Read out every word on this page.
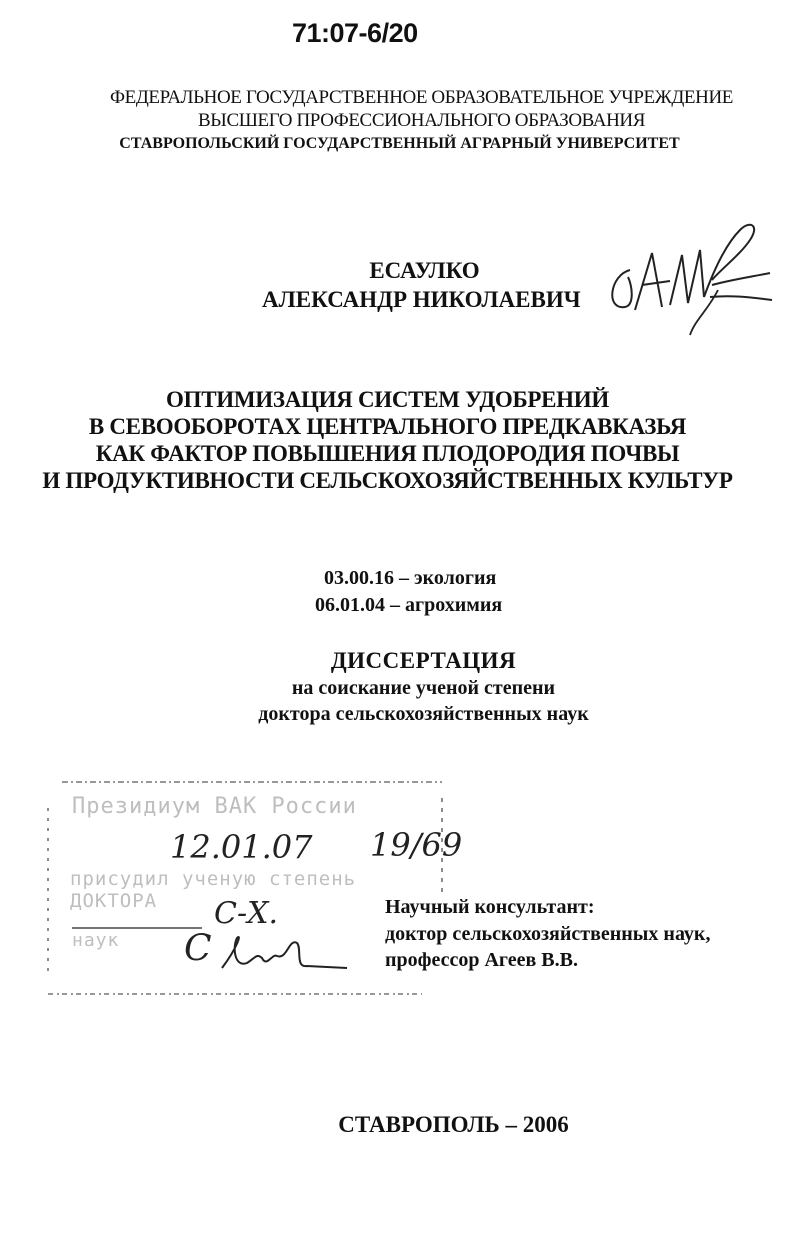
71:07-6/20
ФЕДЕРАЛЬНОЕ ГОСУДАРСТВЕННОЕ ОБРАЗОВАТЕЛЬНОЕ УЧРЕЖДЕНИЕ
ВЫСШЕГО ПРОФЕССИОНАЛЬНОГО ОБРАЗОВАНИЯ
СТАВРОПОЛЬСКИЙ ГОСУДАРСТВЕННЫЙ АГРАРНЫЙ УНИВЕРСИТЕТ
ЕСАУЛКО
АЛЕКСАНДР НИКОЛАЕВИЧ
ОПТИМИЗАЦИЯ СИСТЕМ УДОБРЕНИЙ
В СЕВООБОРОТАХ ЦЕНТРАЛЬНОГО ПРЕДКАВКАЗЬЯ
КАК ФАКТОР ПОВЫШЕНИЯ ПЛОДОРОДИЯ ПОЧВЫ
И ПРОДУКТИВНОСТИ СЕЛЬСКОХОЗЯЙСТВЕННЫХ КУЛЬТУР
03.00.16 – экология
06.01.04 – агрохимия
ДИССЕРТАЦИЯ
на соискание ученой степени
доктора сельскохозяйственных наук
Президиум ВАК России
12.01.07 19/69
присудил ученую степень ДОКТОРА	С-Х.
наук С
Научный консультант:
доктор сельскохозяйственных наук,
профессор Агеев В.В.
СТАВРОПОЛЬ – 2006
